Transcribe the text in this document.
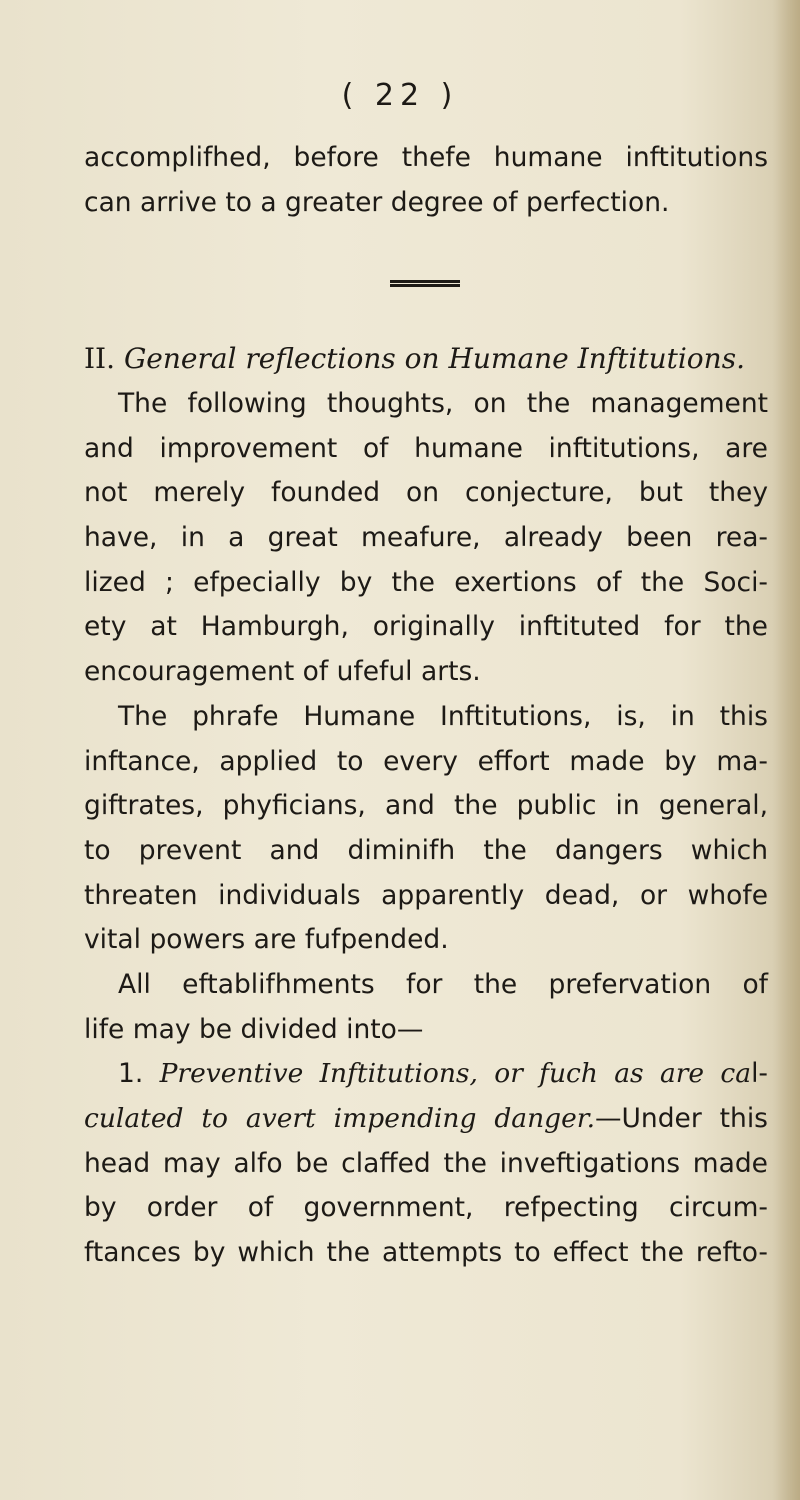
( 22 )
accomplifhed, before thefe humane inftitutions
can arrive to a greater degree of perfection.
II. General reflections on Humane Inftitutions.
The following thoughts, on the management
and improvement of humane inftitutions, are
not merely founded on conjecture, but they
have, in a great meafure, already been rea-
lized ; efpecially by the exertions of the Soci-
ety at Hamburgh, originally inftituted for the
encouragement of ufeful arts.
The phrafe Humane Inftitutions, is, in this
inftance, applied to every effort made by ma-
giftrates, phyficians, and the public in general,
to prevent and diminifh the dangers which
threaten individuals apparently dead, or whofe
vital powers are fufpended.
All eftablifhments for the prefervation of
life may be divided into—
1. Preventive Inftitutions, or fuch as are cal-
culated to avert impending danger.—Under this
head may alfo be claffed the inveftigations made
by order of government, refpecting circum-
ftances by which the attempts to effect the refto-
